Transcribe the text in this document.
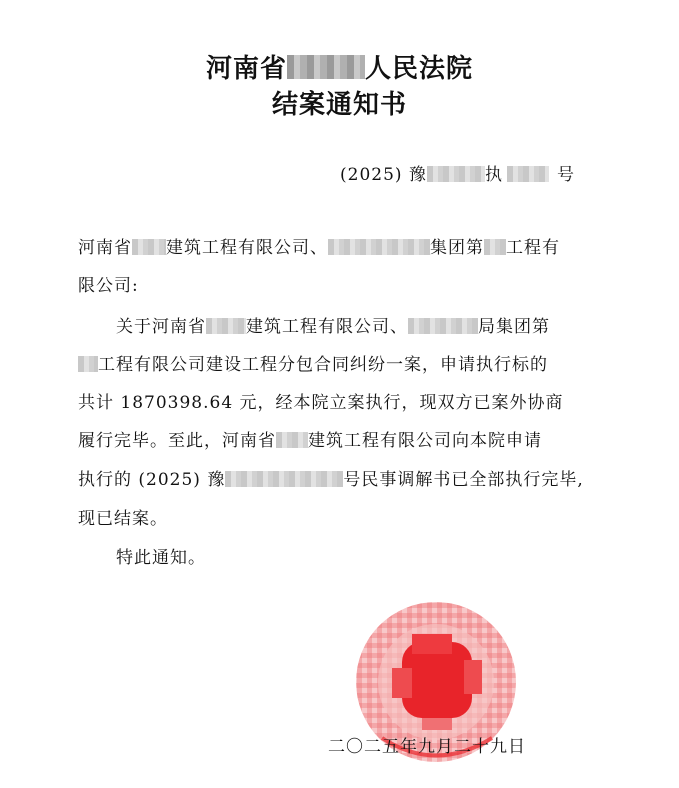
河南省	人民法院
结案通知书
(2025) 豫	执	号
河南省 建筑工程有限公司、	集团第 工程有
限公司:
关于河南省 建筑工程有限公司、	局集团第
工程有限公司建设工程分包合同纠纷一案，申请执行标的
共计 1870398.64 元，经本院立案执行，现双方已案外协商
履行完毕。至此，河南省 建筑工程有限公司向本院申请
执行的 (2025) 豫	号民事调解书已全部执行完毕,
现已结案。
特此通知。
二〇二五年九月二十九日
